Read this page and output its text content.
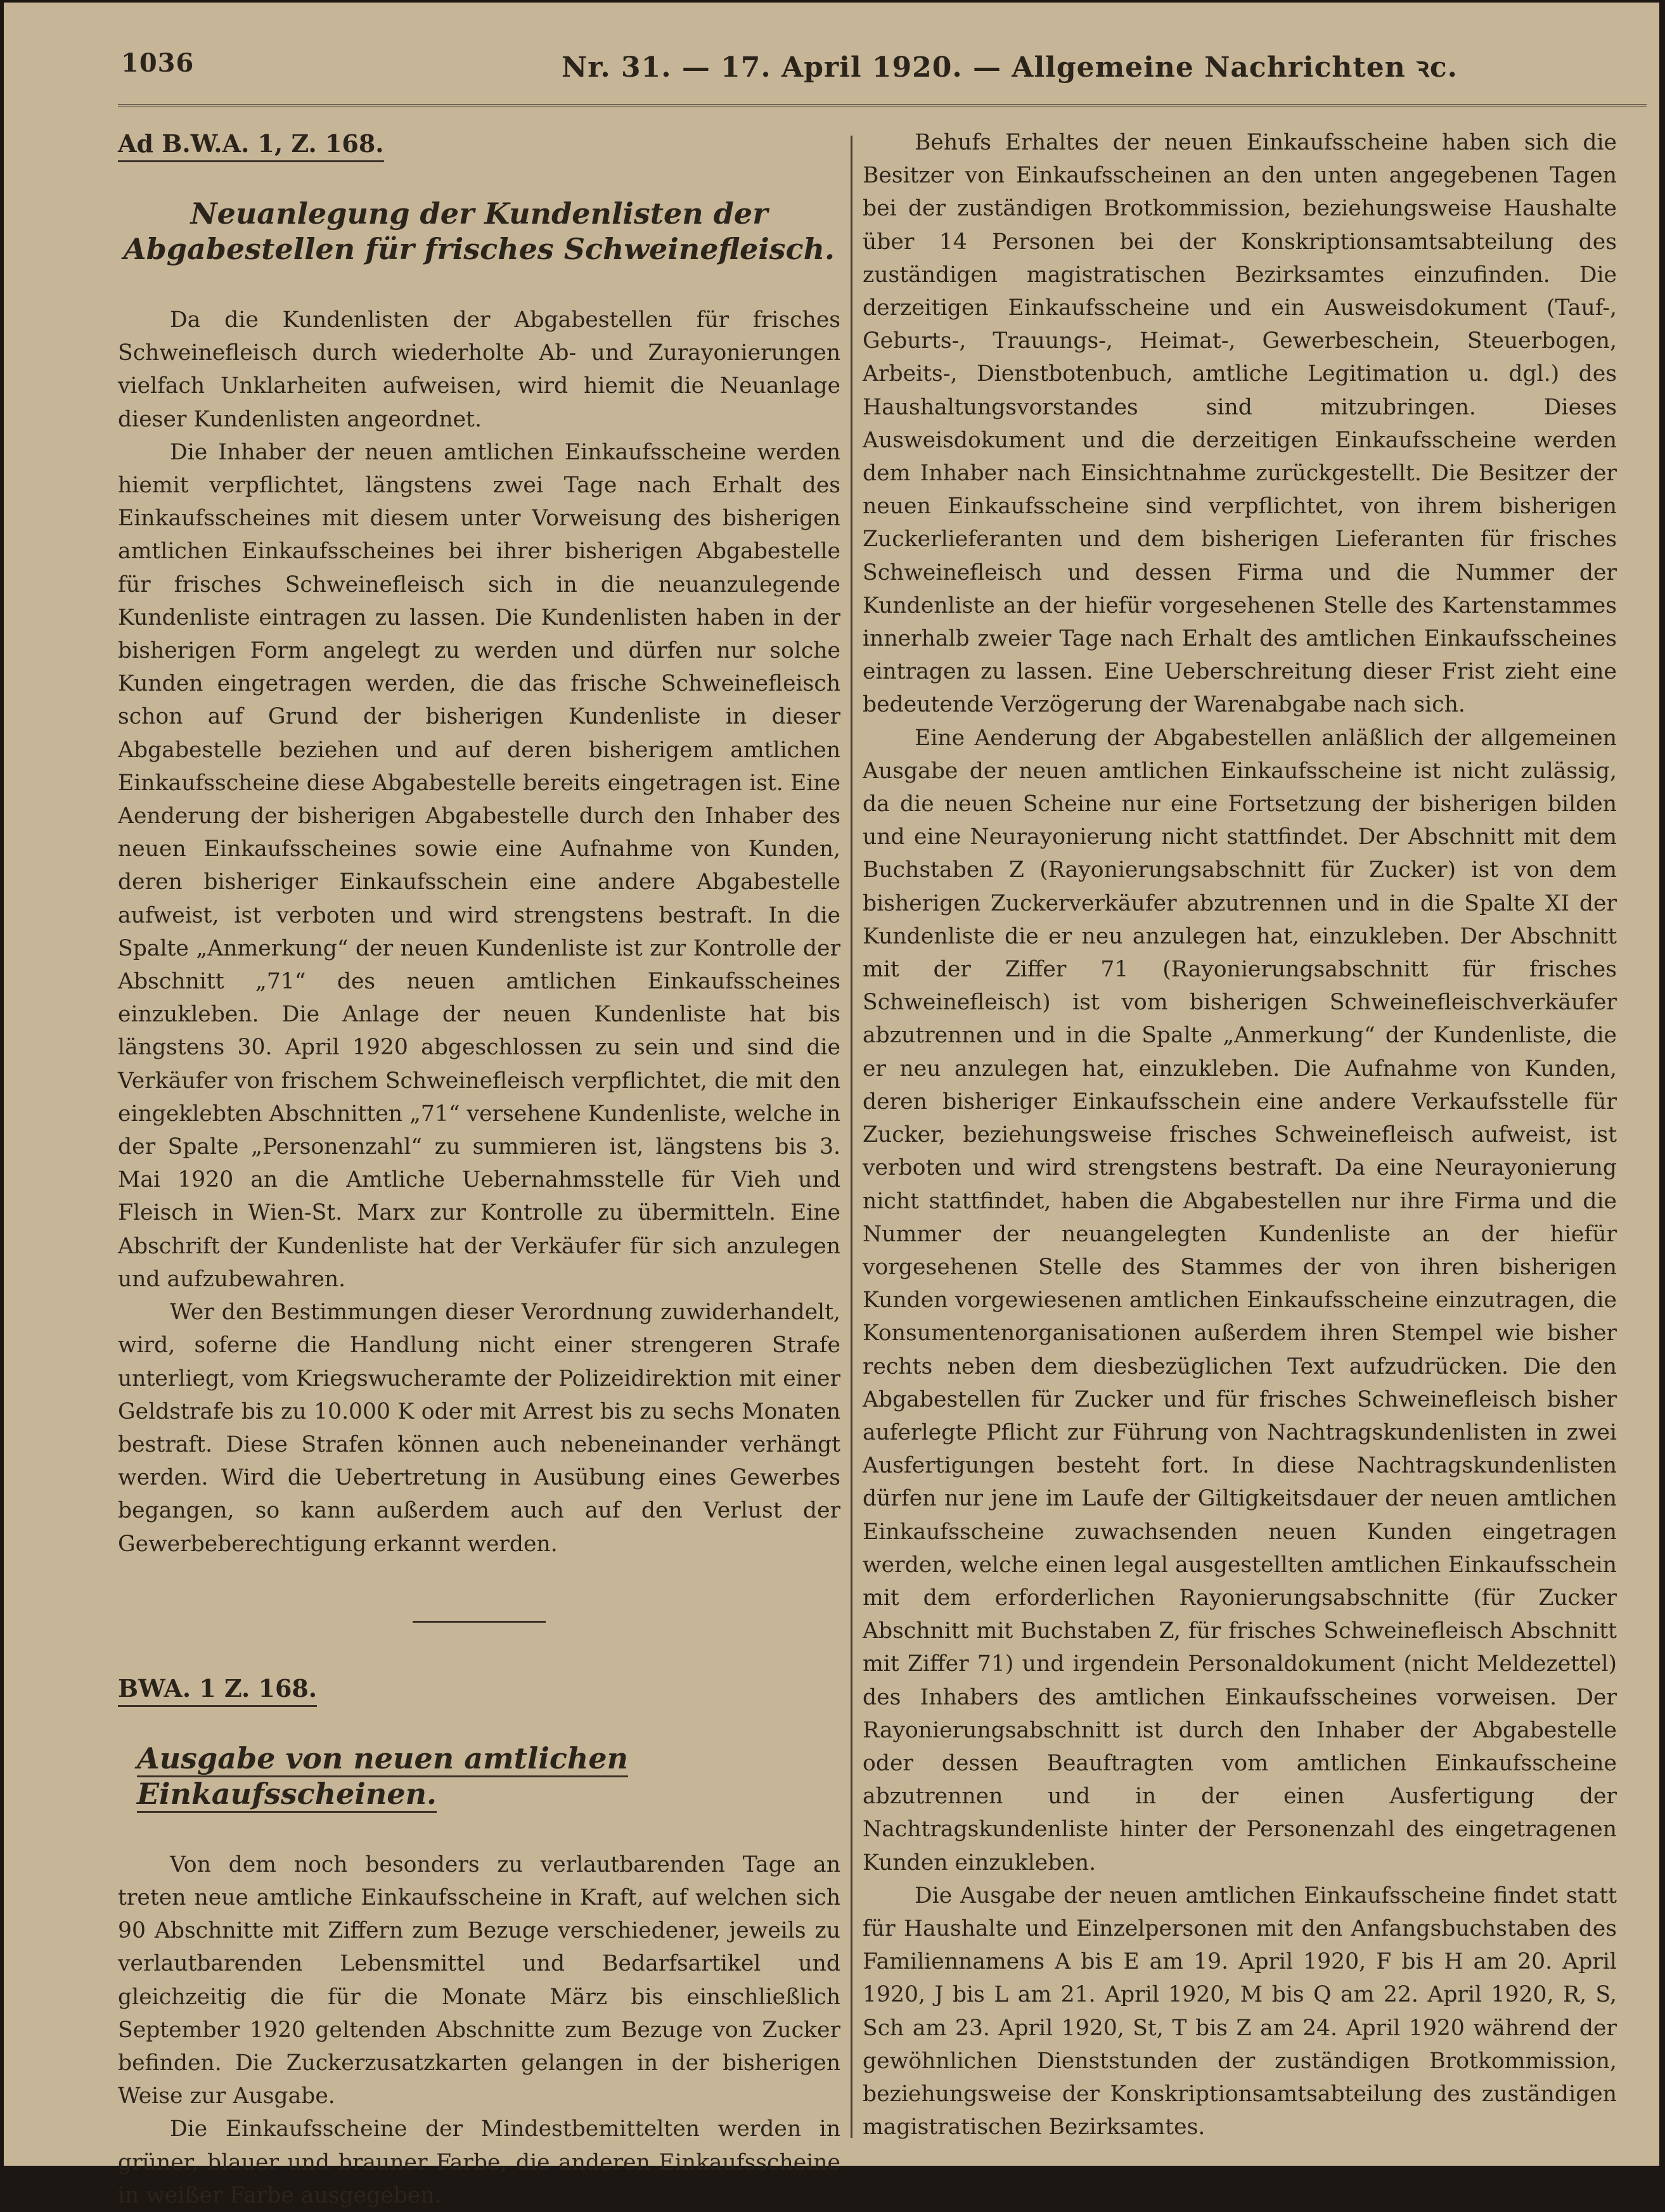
1036	Nr. 31. — 17. April 1920. — Allgemeine Nachrichten ꝛc.
Ad B.W.A. 1, Z. 168.
Neuanlegung der Kundenlisten der Abgabestellen für frisches Schweinefleisch.

Da die Kundenlisten der Abgabestellen für frisches Schweinefleisch durch wiederholte Ab- und Zurayonierungen vielfach Unklarheiten aufweisen, wird hiemit die Neuanlage dieser Kundenlisten angeordnet.

Die Inhaber der neuen amtlichen Einkaufsscheine werden hiemit verpflichtet, längstens zwei Tage nach Erhalt des Einkaufsscheines mit diesem unter Vorweisung des bisherigen amtlichen Einkaufsscheines bei ihrer bisherigen Abgabestelle für frisches Schweinefleisch sich in die neuanzulegende Kundenliste eintragen zu lassen. Die Kundenlisten haben in der bisherigen Form angelegt zu werden und dürfen nur solche Kunden eingetragen werden, die das frische Schweinefleisch schon auf Grund der bisherigen Kundenliste in dieser Abgabestelle beziehen und auf deren bisherigem amtlichen Einkaufsscheine diese Abgabestelle bereits eingetragen ist. Eine Aenderung der bisherigen Abgabestelle durch den Inhaber des neuen Einkaufsscheines sowie eine Aufnahme von Kunden, deren bisheriger Einkaufsschein eine andere Abgabestelle aufweist, ist verboten und wird strengstens bestraft. In die Spalte „Anmerkung“ der neuen Kundenliste ist zur Kontrolle der Abschnitt „71“ des neuen amtlichen Einkaufsscheines einzukleben. Die Anlage der neuen Kundenliste hat bis längstens 30. April 1920 abgeschlossen zu sein und sind die Verkäufer von frischem Schweinefleisch verpflichtet, die mit den eingeklebten Abschnitten „71“ versehene Kundenliste, welche in der Spalte „Personenzahl“ zu summieren ist, längstens bis 3. Mai 1920 an die Amtliche Uebernahmsstelle für Vieh und Fleisch in Wien-St. Marx zur Kontrolle zu übermitteln. Eine Abschrift der Kundenliste hat der Verkäufer für sich anzulegen und aufzubewahren.

Wer den Bestimmungen dieser Verordnung zuwiderhandelt, wird, soferne die Handlung nicht einer strengeren Strafe unterliegt, vom Kriegswucheramte der Polizeidirektion mit einer Geldstrafe bis zu 10.000 K oder mit Arrest bis zu sechs Monaten bestraft. Diese Strafen können auch nebeneinander verhängt werden. Wird die Uebertretung in Ausübung eines Gewerbes begangen, so kann außerdem auch auf den Verlust der Gewerbeberechtigung erkannt werden.

BWA. 1 Z. 168.
Ausgabe von neuen amtlichen Einkaufsscheinen.

Von dem noch besonders zu verlautbarenden Tage an treten neue amtliche Einkaufsscheine in Kraft, auf welchen sich 90 Abschnitte mit Ziffern zum Bezuge verschiedener, jeweils zu verlautbarenden Lebensmittel und Bedarfsartikel und gleichzeitig die für die Monate März bis einschließlich September 1920 geltenden Abschnitte zum Bezuge von Zucker befinden. Die Zuckerzusatzkarten gelangen in der bisherigen Weise zur Ausgabe.

Die Einkaufsscheine der Mindestbemittelten werden in grüner, blauer und brauner Farbe, die anderen Einkaufsscheine in weißer Farbe ausgegeben.

Behufs Erhaltes der neuen Einkaufsscheine haben sich die Besitzer von Einkaufsscheinen an den unten angegebenen Tagen bei der zuständigen Brotkommission, beziehungsweise Haushalte über 14 Personen bei der Konskriptionsamtsabteilung des zuständigen magistratischen Bezirksamtes einzufinden. Die derzeitigen Einkaufsscheine und ein Ausweisdokument (Tauf-, Geburts-, Trauungs-, Heimat-, Gewerbeschein, Steuerbogen, Arbeits-, Dienstbotenbuch, amtliche Legitimation u. dgl.) des Haushaltungsvorstandes sind mitzubringen. Dieses Ausweisdokument und die derzeitigen Einkaufsscheine werden dem Inhaber nach Einsichtnahme zurückgestellt. Die Besitzer der neuen Einkaufsscheine sind verpflichtet, von ihrem bisherigen Zuckerlieferanten und dem bisherigen Lieferanten für frisches Schweinefleisch und dessen Firma und die Nummer der Kundenliste an der hiefür vorgesehenen Stelle des Kartenstammes innerhalb zweier Tage nach Erhalt des amtlichen Einkaufsscheines eintragen zu lassen. Eine Ueberschreitung dieser Frist zieht eine bedeutende Verzögerung der Warenabgabe nach sich.

Eine Aenderung der Abgabestellen anläßlich der allgemeinen Ausgabe der neuen amtlichen Einkaufsscheine ist nicht zulässig, da die neuen Scheine nur eine Fortsetzung der bisherigen bilden und eine Neurayonierung nicht stattfindet. Der Abschnitt mit dem Buchstaben Z (Rayonierungsabschnitt für Zucker) ist von dem bisherigen Zuckerverkäufer abzutrennen und in die Spalte XI der Kundenliste die er neu anzulegen hat, einzukleben. Der Abschnitt mit der Ziffer 71 (Rayonierungsabschnitt für frisches Schweinefleisch) ist vom bisherigen Schweinefleischverkäufer abzutrennen und in die Spalte „Anmerkung“ der Kundenliste, die er neu anzulegen hat, einzukleben. Die Aufnahme von Kunden, deren bisheriger Einkaufsschein eine andere Verkaufsstelle für Zucker, beziehungsweise frisches Schweinefleisch aufweist, ist verboten und wird strengstens bestraft. Da eine Neurayonierung nicht stattfindet, haben die Abgabestellen nur ihre Firma und die Nummer der neuangelegten Kundenliste an der hiefür vorgesehenen Stelle des Stammes der von ihren bisherigen Kunden vorgewiesenen amtlichen Einkaufsscheine einzutragen, die Konsumentenorganisationen außerdem ihren Stempel wie bisher rechts neben dem diesbezüglichen Text aufzudrücken. Die den Abgabestellen für Zucker und für frisches Schweinefleisch bisher auferlegte Pflicht zur Führung von Nachtragskundenlisten in zwei Ausfertigungen besteht fort. In diese Nachtragskundenlisten dürfen nur jene im Laufe der Giltigkeitsdauer der neuen amtlichen Einkaufsscheine zuwachsenden neuen Kunden eingetragen werden, welche einen legal ausgestellten amtlichen Einkaufsschein mit dem erforderlichen Rayonierungsabschnitte (für Zucker Abschnitt mit Buchstaben Z, für frisches Schweinefleisch Abschnitt mit Ziffer 71) und irgendein Personaldokument (nicht Meldezettel) des Inhabers des amtlichen Einkaufsscheines vorweisen. Der Rayonierungsabschnitt ist durch den Inhaber der Abgabestelle oder dessen Beauftragten vom amtlichen Einkaufsscheine abzutrennen und in der einen Ausfertigung der Nachtragskundenliste hinter der Personenzahl des eingetragenen Kunden einzukleben.

Die Ausgabe der neuen amtlichen Einkaufsscheine findet statt für Haushalte und Einzelpersonen mit den Anfangsbuchstaben des Familiennamens A bis E am 19. April 1920, F bis H am 20. April 1920, J bis L am 21. April 1920, M bis Q am 22. April 1920, R, S, Sch am 23. April 1920, St, T bis Z am 24. April 1920 während der gewöhnlichen Dienststunden der zuständigen Brotkommission, beziehungsweise der Konskriptionsamtsabteilung des zuständigen magistratischen Bezirksamtes.
